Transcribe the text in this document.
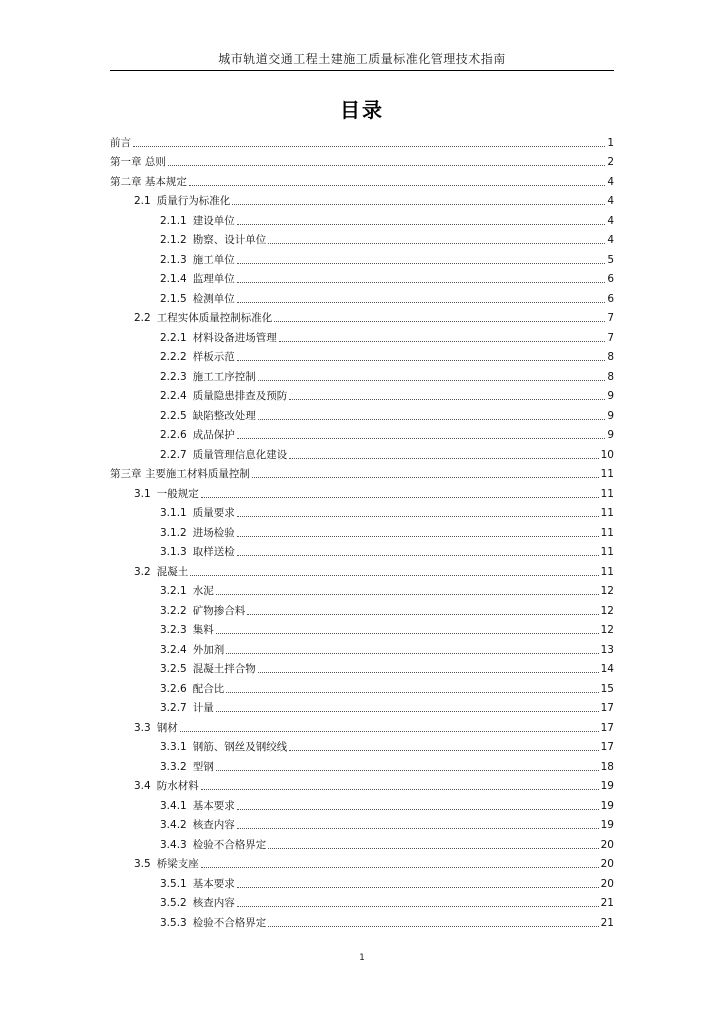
城市轨道交通工程土建施工质量标准化管理技术指南
目录
前言	1
第一章 总则	2
第二章 基本规定	4
2.1 质量行为标准化	4
2.1.1 建设单位	4
2.1.2 勘察、设计单位	4
2.1.3 施工单位	5
2.1.4 监理单位	6
2.1.5 检测单位	6
2.2 工程实体质量控制标准化	7
2.2.1 材料设备进场管理	7
2.2.2 样板示范	8
2.2.3 施工工序控制	8
2.2.4 质量隐患排查及预防	9
2.2.5 缺陷整改处理	9
2.2.6 成品保护	9
2.2.7 质量管理信息化建设	10
第三章 主要施工材料质量控制	11
3.1 一般规定	11
3.1.1 质量要求	11
3.1.2 进场检验	11
3.1.3 取样送检	11
3.2 混凝土	11
3.2.1 水泥	12
3.2.2 矿物掺合料	12
3.2.3 集料	12
3.2.4 外加剂	13
3.2.5 混凝土拌合物	14
3.2.6 配合比	15
3.2.7 计量	17
3.3 钢材	17
3.3.1 钢筋、钢丝及钢绞线	17
3.3.2 型钢	18
3.4 防水材料	19
3.4.1 基本要求	19
3.4.2 核查内容	19
3.4.3 检验不合格界定	20
3.5 桥梁支座	20
3.5.1 基本要求	20
3.5.2 核查内容	21
3.5.3 检验不合格界定	21
1
